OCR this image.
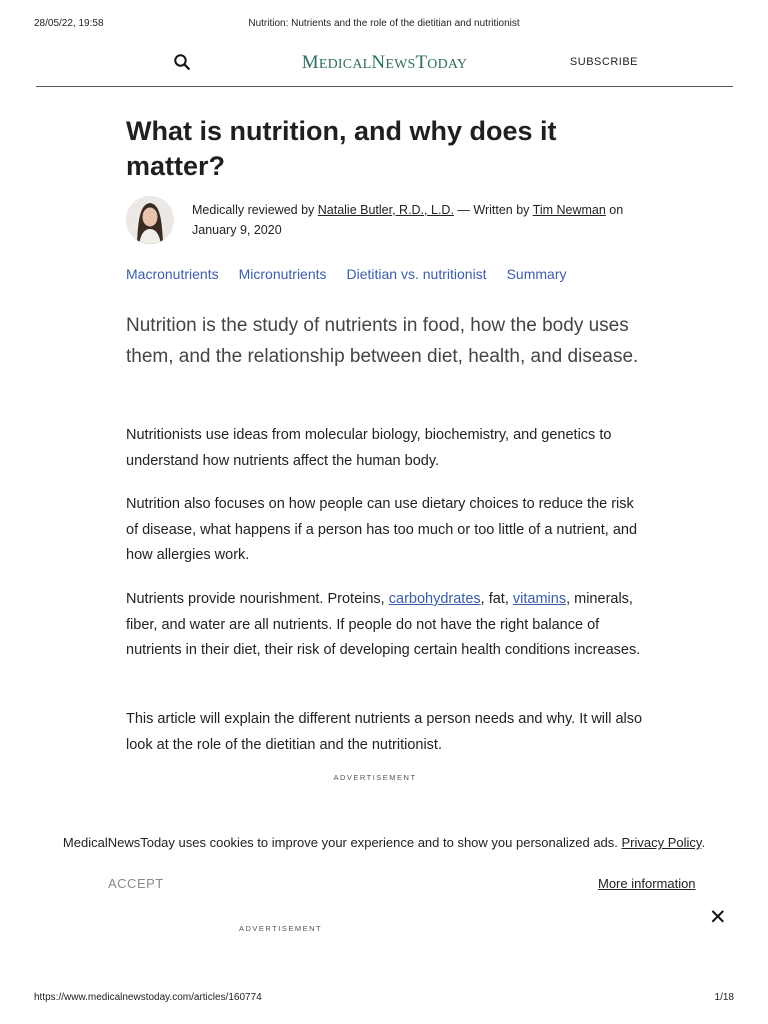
28/05/22, 19:58	Nutrition: Nutrients and the role of the dietitian and nutritionist
MEDICALNEWSTODAY	SUBSCRIBE
What is nutrition, and why does it matter?
Medically reviewed by Natalie Butler, R.D., L.D. — Written by Tim Newman on January 9, 2020
Macronutrients Micronutrients Dietitian vs. nutritionist Summary

Nutrition is the study of nutrients in food, how the body uses them, and the relationship between diet, health, and disease.

Nutritionists use ideas from molecular biology, biochemistry, and genetics to understand how nutrients affect the human body.

Nutrition also focuses on how people can use dietary choices to reduce the risk of disease, what happens if a person has too much or too little of a nutrient, and how allergies work.

Nutrients provide nourishment. Proteins, carbohydrates, fat, vitamins, minerals, fiber, and water are all nutrients. If people do not have the right balance of nutrients in their diet, their risk of developing certain health conditions increases.

This article will explain the different nutrients a person needs and why. It will also look at the role of the dietitian and the nutritionist.

ADVERTISEMENT
MedicalNewsToday uses cookies to improve your experience and to show you personalized ads. Privacy Policy.
ACCEPT	More information
✕
ADVERTISEMENT
https://www.medicalnewstoday.com/articles/160774	1/18
